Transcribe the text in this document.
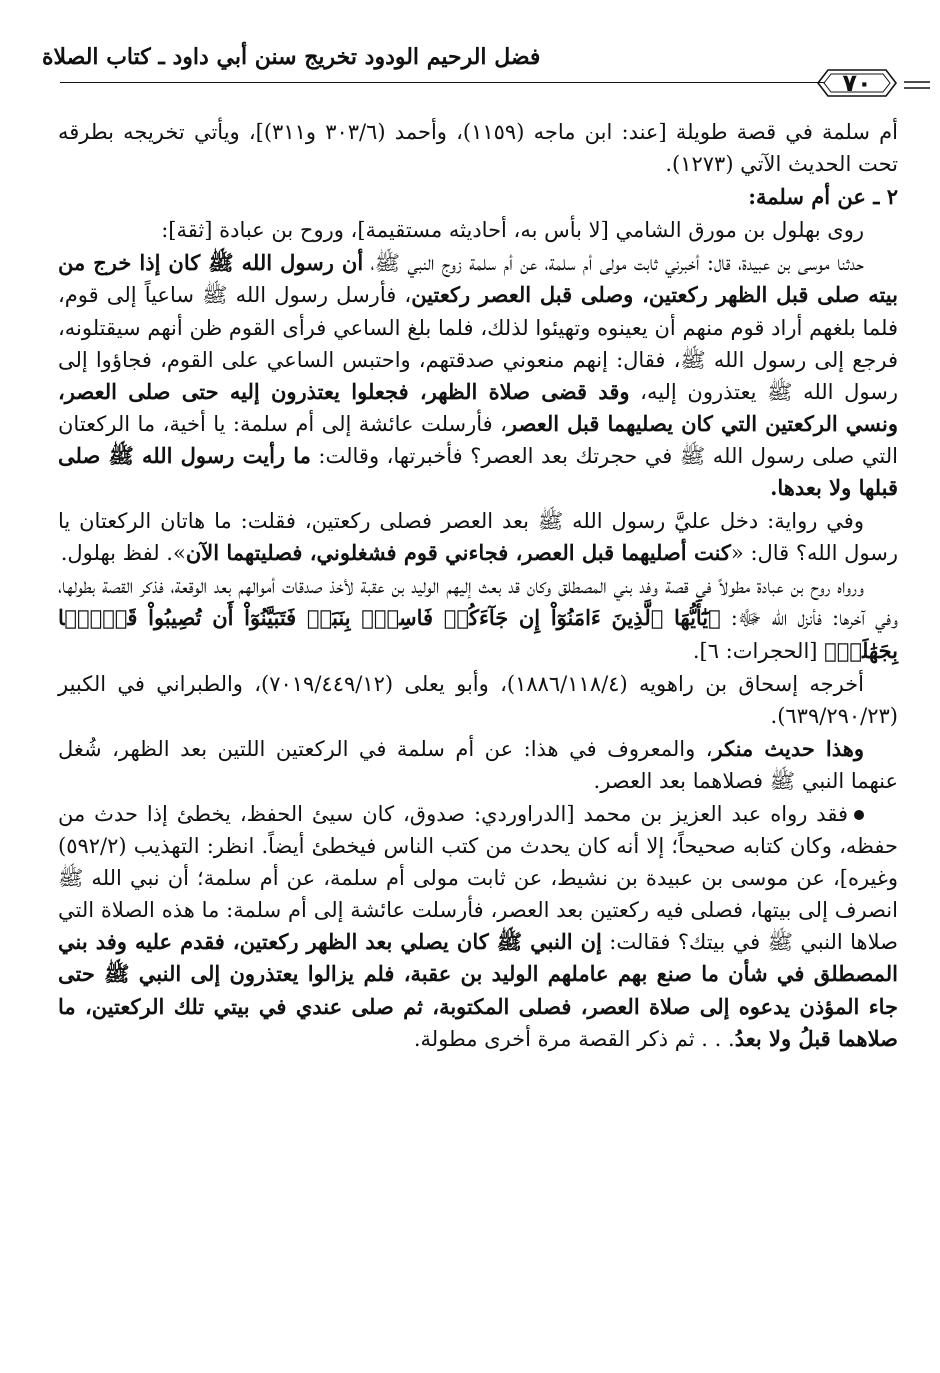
فضل الرحيم الودود تخريج سنن أبي داود ـ كتاب الصلاة
٧٠

أم سلمة في قصة طويلة [عند: ابن ماجه (١١٥٩)، وأحمد (٣٠٣/٦ و٣١١)]، ويأتي تخريجه بطرقه تحت الحديث الآتي (١٢٧٣).

٢ ـ عن أم سلمة:

روى بهلول بن مورق الشامي [لا بأس به، أحاديثه مستقيمة]، وروح بن عبادة [ثقة]:

حدثنا موسى بن عبيدة، قال: أخبرني ثابت مولى أم سلمة، عن أم سلمة زوج النبي ﷺ، أن رسول الله ﷺ كان إذا خرج من بيته صلى قبل الظهر ركعتين، وصلى قبل العصر ركعتين، فأرسل رسول الله ﷺ ساعياً إلى قوم، فلما بلغهم أراد قوم منهم أن يعينوه وتهيئوا لذلك، فلما بلغ الساعي فرأى القوم ظن أنهم سيقتلونه، فرجع إلى رسول الله ﷺ، فقال: إنهم منعوني صدقتهم، واحتبس الساعي على القوم، فجاؤوا إلى رسول الله ﷺ يعتذرون إليه، وقد قضى صلاة الظهر، فجعلوا يعتذرون إليه حتى صلى العصر، ونسي الركعتين التي كان يصليهما قبل العصر، فأرسلت عائشة إلى أم سلمة: يا أخية، ما الركعتان التي صلى رسول الله ﷺ في حجرتك بعد العصر؟ فأخبرتها، وقالت: ما رأيت رسول الله ﷺ صلى قبلها ولا بعدها.

وفي رواية: دخل عليَّ رسول الله ﷺ بعد العصر فصلى ركعتين، فقلت: ما هاتان الركعتان يا رسول الله؟ قال: «كنت أصليهما قبل العصر، فجاءني قوم فشغلوني، فصليتهما الآن». لفظ بهلول.

ورواه روح بن عبادة مطولاً في قصة وفد بني المصطلق وكان قد بعث إليهم الوليد بن عقبة لأخذ صدقات أموالهم بعد الوقعة، فذكر القصة بطولها، وفي آخرها: فأنزل الله ﷻ: ﴿يَٰٓأَيُّهَا ٱلَّذِينَ ءَامَنُوٓاْ إِن جَآءَكُمۡ فَاسِقُۢ بِنَبَإٖ فَتَبَيَّنُوٓاْ أَن تُصِيبُواْ قَوۡمَۢا بِجَهَٰلَةٖ﴾ [الحجرات: ٦].

أخرجه إسحاق بن راهويه (١٨٨٦/١١٨/٤)، وأبو يعلى (٧٠١٩/٤٤٩/١٢)، والطبراني في الكبير (٦٣٩/٢٩٠/٢٣).

وهذا حديث منكر، والمعروف في هذا: عن أم سلمة في الركعتين اللتين بعد الظهر، شُغل عنهما النبي ﷺ فصلاهما بعد العصر.

فقد رواه عبد العزيز بن محمد [الدراوردي: صدوق، كان سيئ الحفظ، يخطئ إذا حدث من حفظه، وكان كتابه صحيحاً؛ إلا أنه كان يحدث من كتب الناس فيخطئ أيضاً. انظر: التهذيب (٥٩٢/٢) وغيره]، عن موسى بن عبيدة بن نشيط، عن ثابت مولى أم سلمة، عن أم سلمة؛ أن نبي الله ﷺ انصرف إلى بيتها، فصلى فيه ركعتين بعد العصر، فأرسلت عائشة إلى أم سلمة: ما هذه الصلاة التي صلاها النبي ﷺ في بيتك؟ فقالت: إن النبي ﷺ كان يصلي بعد الظهر ركعتين، فقدم عليه وفد بني المصطلق في شأن ما صنع بهم عاملهم الوليد بن عقبة، فلم يزالوا يعتذرون إلى النبي ﷺ حتى جاء المؤذن يدعوه إلى صلاة العصر، فصلى المكتوبة، ثم صلى عندي في بيتي تلك الركعتين، ما صلاهما قبلُ ولا بعدُ. . . ثم ذكر القصة مرة أخرى مطولة.
